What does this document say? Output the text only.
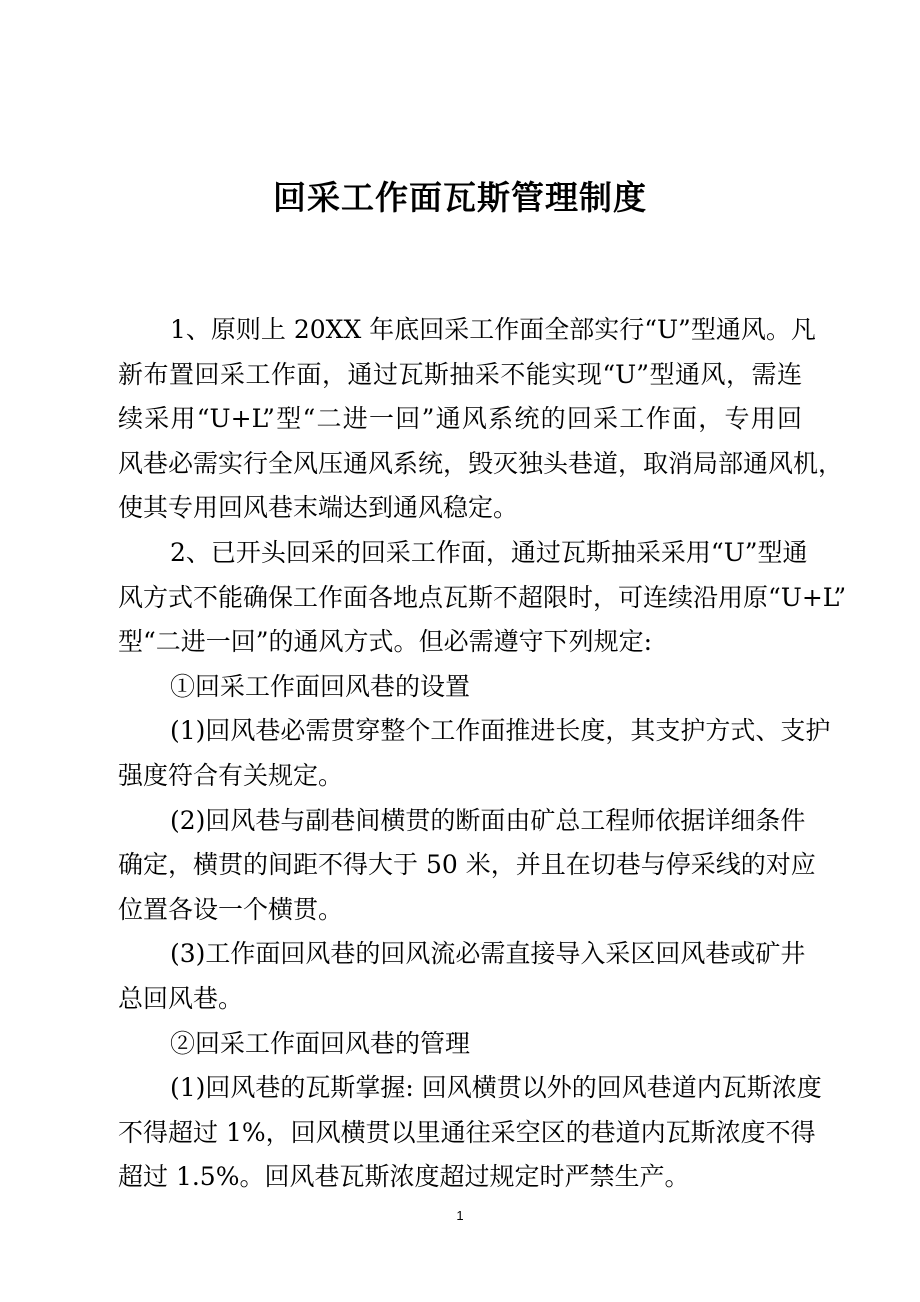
回采工作面瓦斯管理制度
1、原则上 20XX 年底回采工作面全部实行“U”型通风。凡
新布置回采工作面，通过瓦斯抽采不能实现“U”型通风，需连
续采用“U+L”型“二进一回”通风系统的回采工作面，专用回
风巷必需实行全风压通风系统，毁灭独头巷道，取消局部通风机，
使其专用回风巷末端达到通风稳定。
2、已开头回采的回采工作面，通过瓦斯抽采采用“U”型通
风方式不能确保工作面各地点瓦斯不超限时，可连续沿用原“U+L”
型“二进一回”的通风方式。但必需遵守下列规定:
①回采工作面回风巷的设置
(1)回风巷必需贯穿整个工作面推进长度，其支护方式、支护
强度符合有关规定。
(2)回风巷与副巷间横贯的断面由矿总工程师依据详细条件
确定，横贯的间距不得大于 50 米，并且在切巷与停采线的对应
位置各设一个横贯。
(3)工作面回风巷的回风流必需直接导入采区回风巷或矿井
总回风巷。
②回采工作面回风巷的管理
(1)回风巷的瓦斯掌握: 回风横贯以外的回风巷道内瓦斯浓度
不得超过 1%，回风横贯以里通往采空区的巷道内瓦斯浓度不得
超过 1.5%。回风巷瓦斯浓度超过规定时严禁生产。
1
